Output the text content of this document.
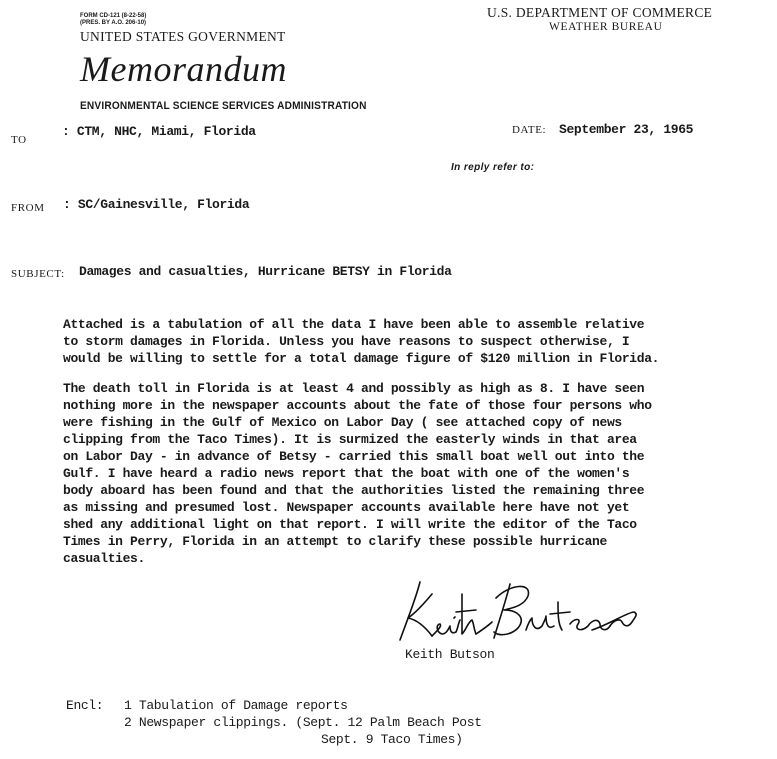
FORM CD-121 (8-22-58)
(PRES. BY A.O. 206-10)
UNITED STATES GOVERNMENT
Memorandum
ENVIRONMENTAL SCIENCE SERVICES ADMINISTRATION
U.S. DEPARTMENT OF COMMERCE
WEATHER BUREAU
TO
: CTM, NHC, Miami, Florida	DATE: September 23, 1965
In reply refer to:
FROM : SC/Gainesville, Florida
SUBJECT: Damages and casualties, Hurricane BETSY in Florida
Attached is a tabulation of all the data I have been able to assemble relative
to storm damages in Florida. Unless you have reasons to suspect otherwise, I
would be willing to settle for a total damage figure of $120 million in Florida.
The death toll in Florida is at least 4 and possibly as high as 8. I have seen
nothing more in the newspaper accounts about the fate of those four persons who
were fishing in the Gulf of Mexico on Labor Day ( see attached copy of news
clipping from the Taco Times). It is surmized the easterly winds in that area
on Labor Day - in advance of Betsy - carried this small boat well out into the
Gulf. I have heard a radio news report that the boat with one of the women's
body aboard has been found and that the authorities listed the remaining three
as missing and presumed lost. Newspaper accounts available here have not yet
shed any additional light on that report. I will write the editor of the Taco
Times in Perry, Florida in an attempt to clarify these possible hurricane
casualties.
Keith Butson
Encl: 1 Tabulation of Damage reports
2 Newspaper clippings. (Sept. 12 Palm Beach Post
Sept. 9 Taco Times)
